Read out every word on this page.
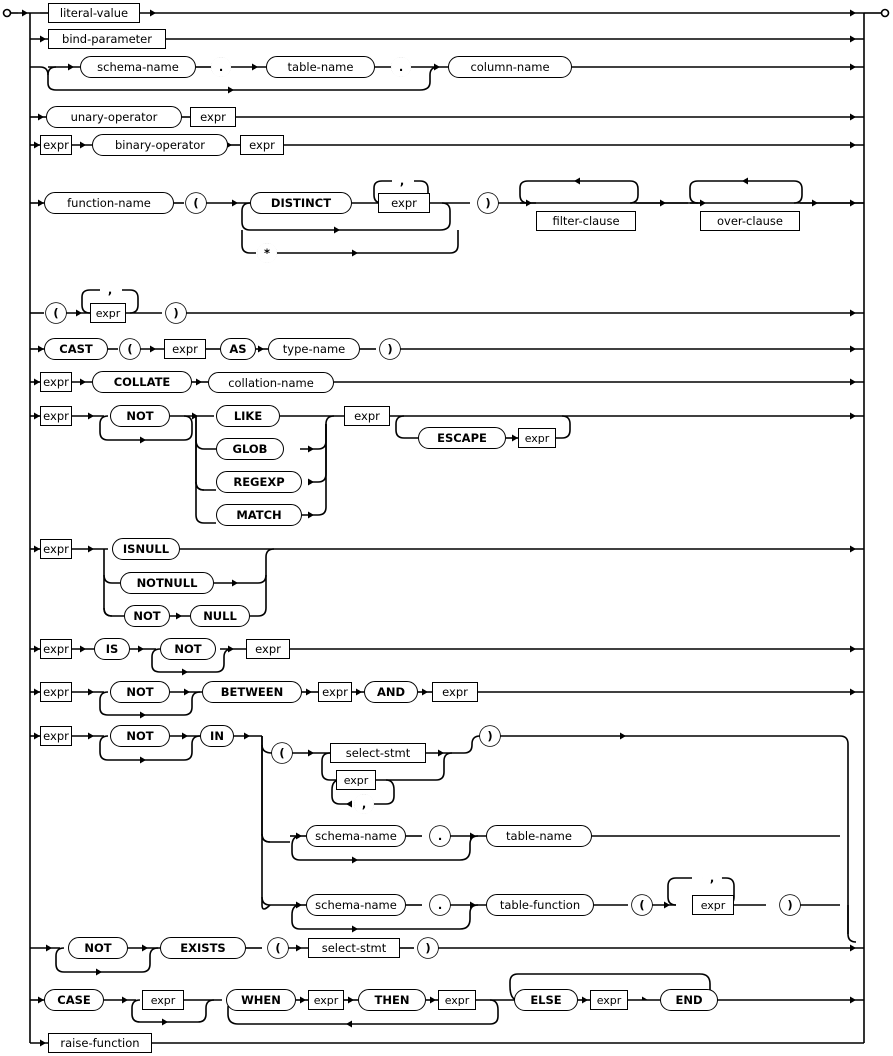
literal-value
bind-parameter
schema-name	.	table-name	.	column-name
unary-operator	expr
expr	binary-operator	expr
function-name	(	DISTINCT	expr
,
*
)
filter-clause	over-clause
(	expr
,
)
CAST	(	expr	AS	type-name	)
expr	COLLATE	collation-name
expr	NOT	LIKE
GLOB
REGEXP
MATCH
expr
ESCAPE	expr
expr	ISNULL
NOTNULL
NOT	NULL
expr	IS	NOT	expr
expr	NOT	BETWEEN	expr	AND	expr
expr	NOT	IN
(	select-stmt
expr
,
)
schema-name	.	table-name
schema-name	.	table-function	(	expr
,
)
NOT	EXISTS	(	select-stmt	)
CASE	expr	WHEN	expr	THEN	expr	ELSE	expr	END
raise-function
